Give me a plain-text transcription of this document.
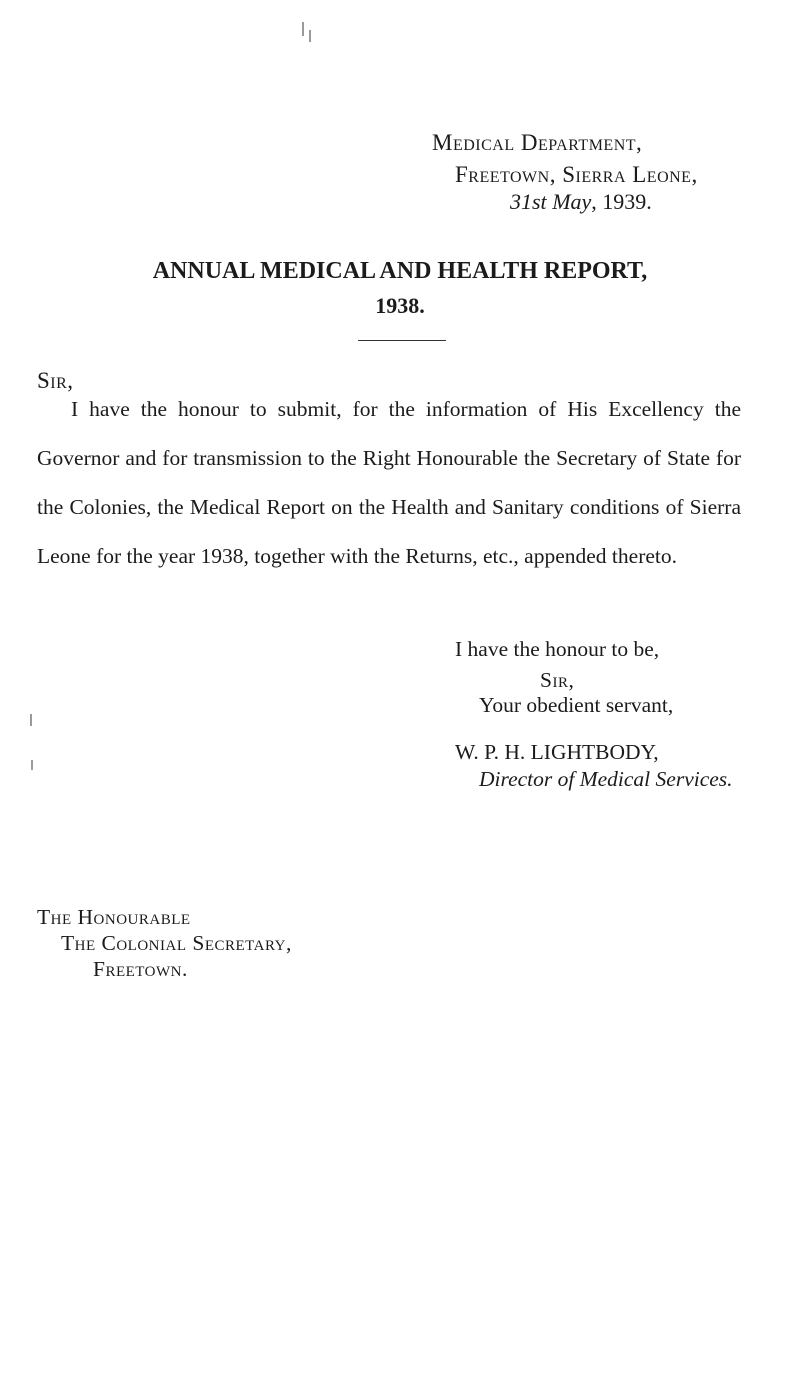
Medical Department,
Freetown, Sierra Leone,
31st May, 1939.
ANNUAL MEDICAL AND HEALTH REPORT,
1938.
Sir,

I have the honour to submit, for the information of His Excellency the Governor and for transmission to the Right Honourable the Secretary of State for the Colonies, the Medical Report on the Health and Sanitary conditions of Sierra Leone for the year 1938, together with the Returns, etc., appended thereto.

I have the honour to be,
Sir,
Your obedient servant,
W. P. H. LIGHTBODY,
Director of Medical Services.
The Honourable
The Colonial Secretary,
Freetown.
